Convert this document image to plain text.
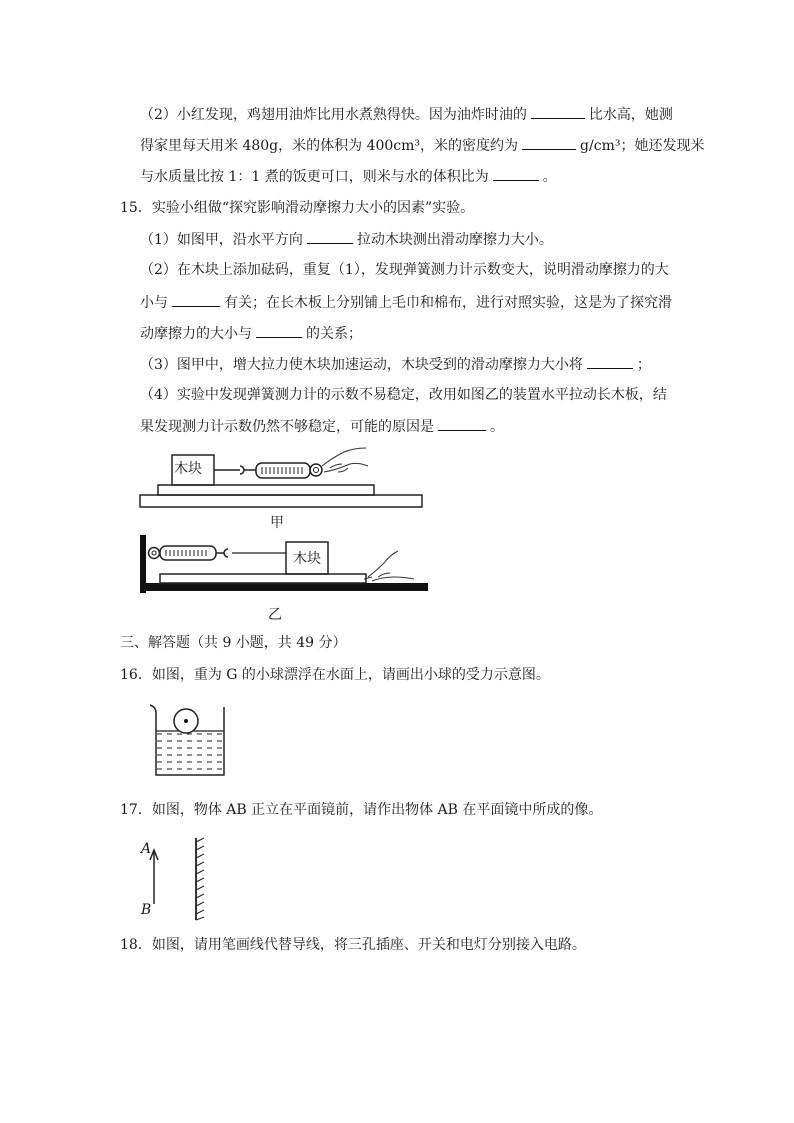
（2）小红发现，鸡翅用油炸比用水煮熟得快。因为油炸时油的	比水高，她测
得家里每天用米 480g，米的体积为 400cm³，米的密度约为	g/cm³；她还发现米
与水质量比按 1：1 煮的饭更可口，则米与水的体积比为	。
15．实验小组做“探究影响滑动摩擦力大小的因素”实验。
（1）如图甲，沿水平方向	拉动木块测出滑动摩擦力大小。
（2）在木块上添加砝码，重复（1），发现弹簧测力计示数变大，说明滑动摩擦力的大
小与	有关；在长木板上分别铺上毛巾和棉布，进行对照实验，这是为了探究滑
动摩擦力的大小与	的关系；
（3）图甲中，增大拉力使木块加速运动，木块受到的滑动摩擦力大小将	；
（4）实验中发现弹簧测力计的示数不易稳定，改用如图乙的装置水平拉动长木板，结
果发现测力计示数仍然不够稳定，可能的原因是	。
木块
甲
木块
乙
三、解答题（共 9 小题，共 49 分）
16．如图，重为 G 的小球漂浮在水面上，请画出小球的受力示意图。
17．如图，物体 AB 正立在平面镜前，请作出物体 AB 在平面镜中所成的像。
A
B
18．如图，请用笔画线代替导线，将三孔插座、开关和电灯分别接入电路。
